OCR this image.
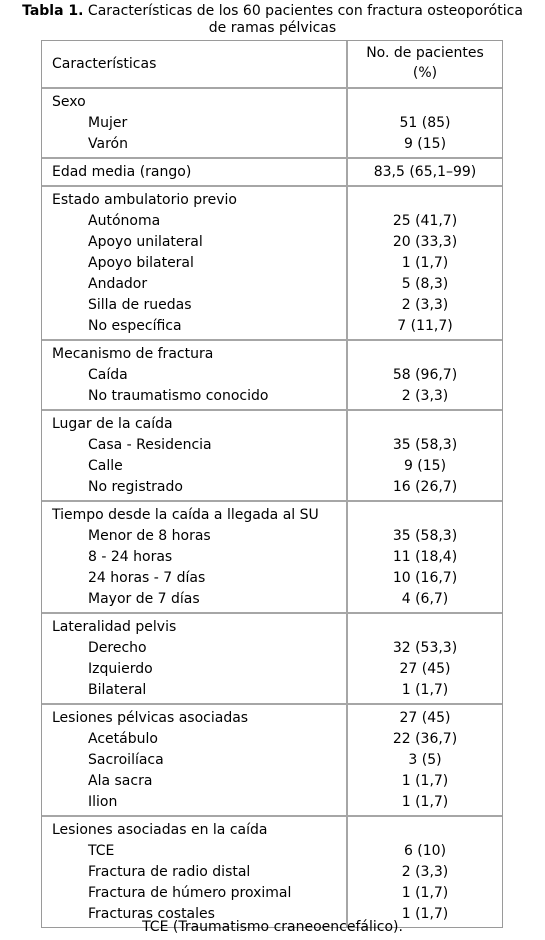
Tabla 1. Características de los 60 pacientes con fractura osteoporótica
de ramas pélvicas
Características
No. de pacientes
(%)
Sexo
Mujer
Varón
51 (85)
9 (15)
Edad media (rango)	83,5 (65,1–99)
Estado ambulatorio previo
Autónoma
Apoyo unilateral
Apoyo bilateral
Andador
Silla de ruedas
No específica
25 (41,7)
20 (33,3)
1 (1,7)
5 (8,3)
2 (3,3)
7 (11,7)
Mecanismo de fractura
Caída
No traumatismo conocido
58 (96,7)
2 (3,3)
Lugar de la caída
Casa - Residencia
Calle
No registrado
35 (58,3)
9 (15)
16 (26,7)
Tiempo desde la caída a llegada al SU
Menor de 8 horas
8 - 24 horas
24 horas - 7 días
Mayor de 7 días
35 (58,3)
11 (18,4)
10 (16,7)
4 (6,7)
Lateralidad pelvis
Derecho
Izquierdo
Bilateral
32 (53,3)
27 (45)
1 (1,7)
Lesiones pélvicas asociadas
Acetábulo
Sacroilíaca
Ala sacra
Ilion
27 (45)
22 (36,7)
3 (5)
1 (1,7)
1 (1,7)
Lesiones asociadas en la caída
TCE
Fractura de radio distal
Fractura de húmero proximal
Fracturas costales
6 (10)
2 (3,3)
1 (1,7)
1 (1,7)
TCE (Traumatismo craneoencefálico).
